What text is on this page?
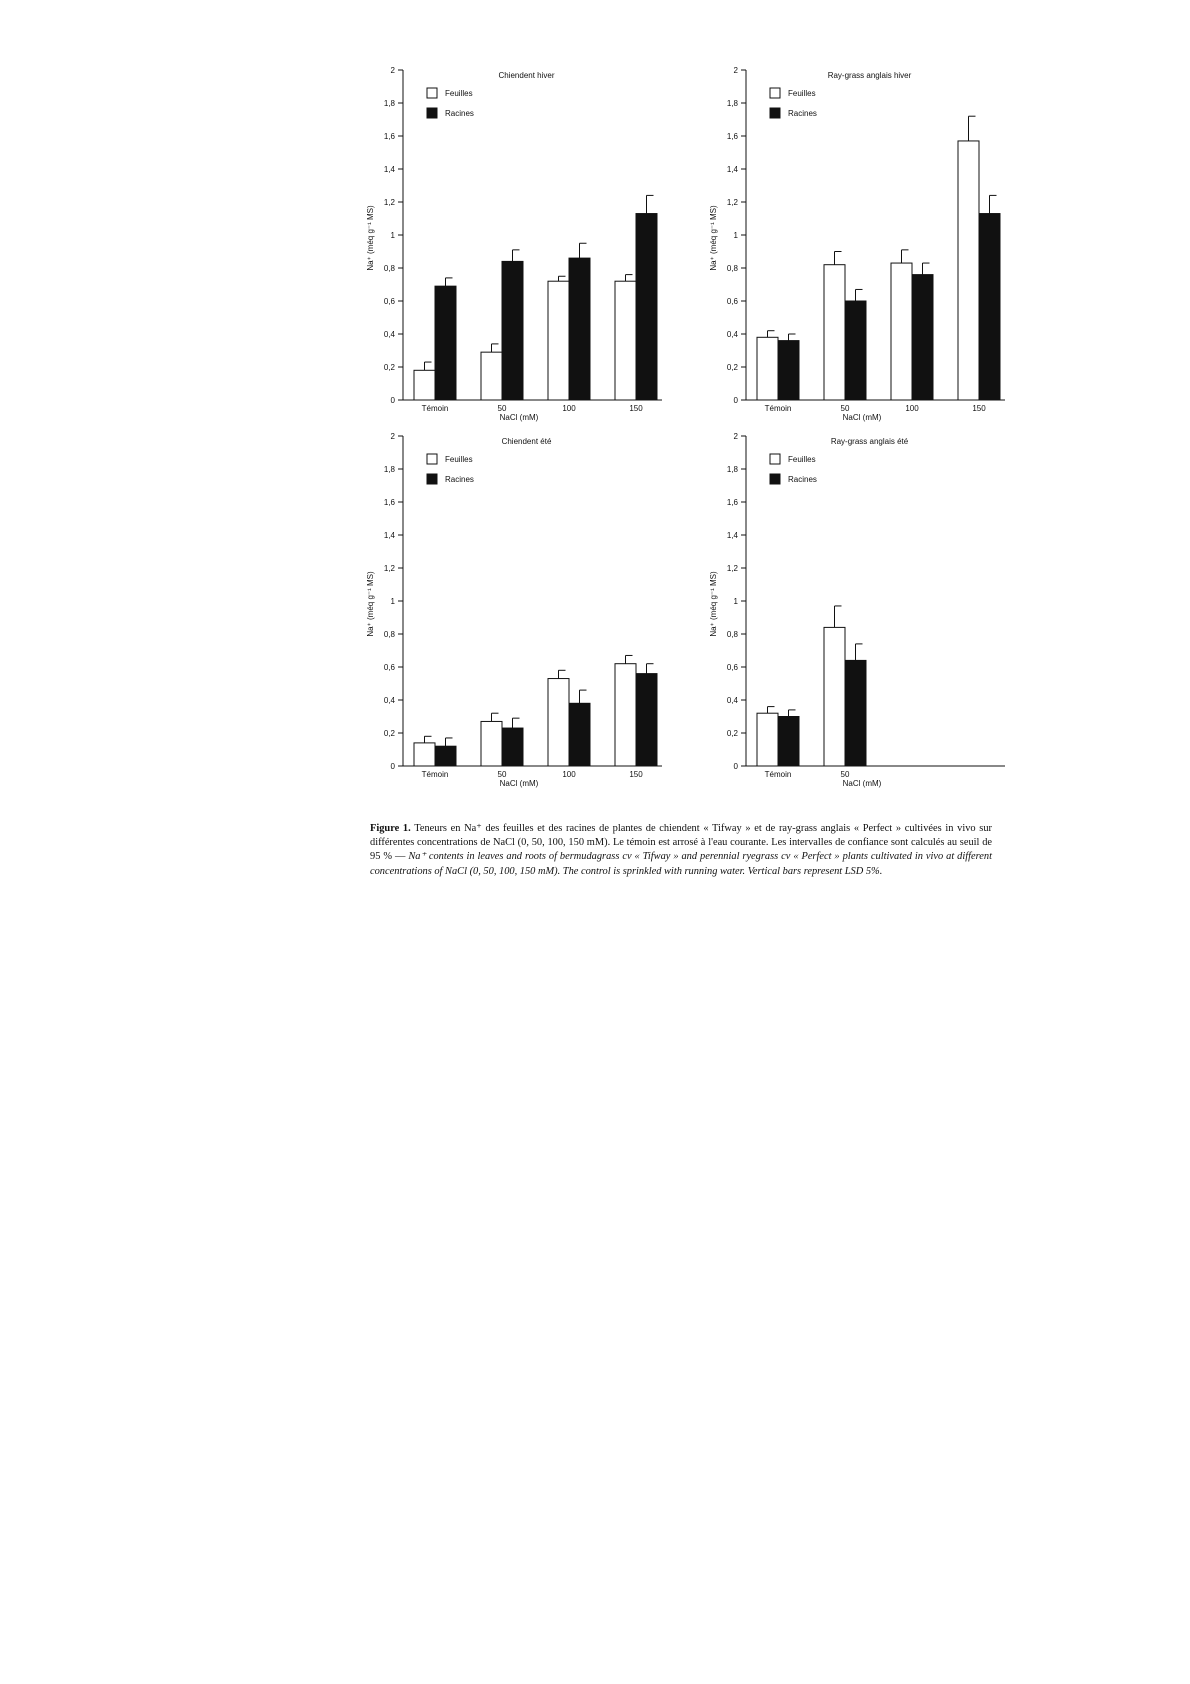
0
0,2
0,4
0,6
0,8
1
1,2
1,4
1,6
1,8
2
Chiendent hiver
Na⁺ (méq g⁻¹ MS)
NaCl (mM)
Feuilles
Racines
Témoin	50	100	150
0
0,2
0,4
0,6
0,8
1
1,2
1,4
1,6
1,8
2
Ray-grass anglais hiver
Na⁺ (méq g⁻¹ MS)
NaCl (mM)
Feuilles
Racines
Témoin	50	100	150
0
0,2
0,4
0,6
0,8
1
1,2
1,4
1,6
1,8
2
Chiendent été
Na⁺ (méq g⁻¹ MS)
NaCl (mM)
Feuilles
Racines
Témoin	50	100	150
0
0,2
0,4
0,6
0,8
1
1,2
1,4
1,6
1,8
2
Ray-grass anglais été
Na⁺ (méq g⁻¹ MS)
NaCl (mM)
Feuilles
Racines
Témoin	50

Figure 1. Teneurs en Na⁺ des feuilles et des racines de plantes de chiendent « Tifway » et de ray-grass anglais « Perfect » cultivées in vivo sur différentes concentrations de NaCl (0, 50, 100, 150 mM). Le témoin est arrosé à l'eau courante. Les intervalles de confiance sont calculés au seuil de 95 % — Na⁺ contents in leaves and roots of bermudagrass cv « Tifway » and perennial ryegrass cv « Perfect » plants cultivated in vivo at different concentrations of NaCl (0, 50, 100, 150 mM). The control is sprinkled with running water. Vertical bars represent LSD 5%.
